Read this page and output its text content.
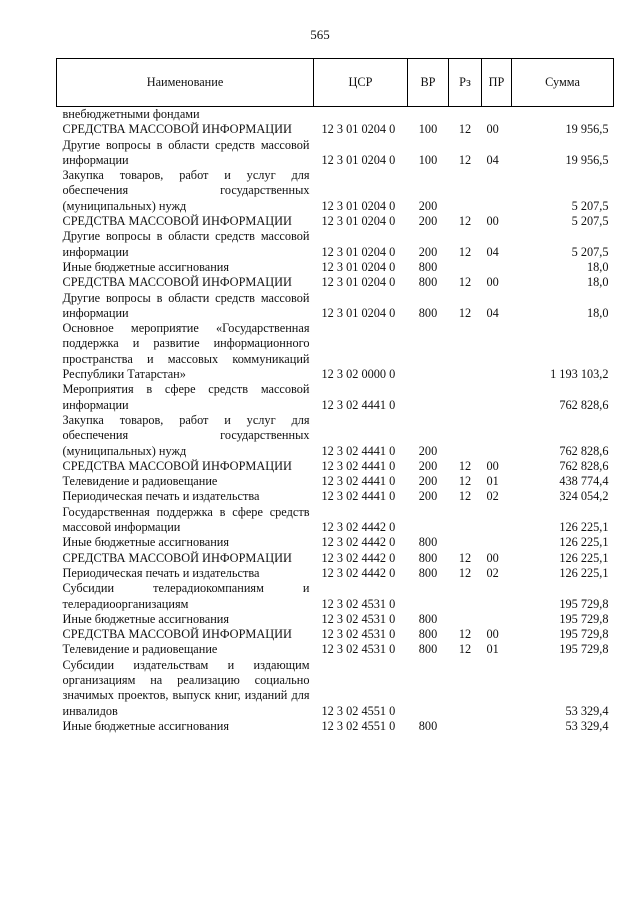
565
Наименование	ЦСР	ВР	Рз	ПР	Сумма
внебюджетными фондами					
СРЕДСТВА МАССОВОЙ ИНФОРМАЦИИ	12 3 01 0204 0	100	12	00	19 956,5
Другие вопросы в области средств массовой информации	12 3 01 0204 0	100	12	04	19 956,5
Закупка товаров, работ и услуг для обеспечения государственных (муниципальных) нужд	12 3 01 0204 0	200			5 207,5
СРЕДСТВА МАССОВОЙ ИНФОРМАЦИИ	12 3 01 0204 0	200	12	00	5 207,5
Другие вопросы в области средств массовой информации	12 3 01 0204 0	200	12	04	5 207,5
Иные бюджетные ассигнования	12 3 01 0204 0	800			18,0
СРЕДСТВА МАССОВОЙ ИНФОРМАЦИИ	12 3 01 0204 0	800	12	00	18,0
Другие вопросы в области средств массовой информации	12 3 01 0204 0	800	12	04	18,0
Основное мероприятие «Государственная поддержка и развитие информационного пространства и массовых коммуникаций Республики Татарстан»	12 3 02 0000 0				1 193 103,2
Мероприятия в сфере средств массовой информации	12 3 02 4441 0				762 828,6
Закупка товаров, работ и услуг для обеспечения государственных (муниципальных) нужд	12 3 02 4441 0	200			762 828,6
СРЕДСТВА МАССОВОЙ ИНФОРМАЦИИ	12 3 02 4441 0	200	12	00	762 828,6
Телевидение и радиовещание	12 3 02 4441 0	200	12	01	438 774,4
Периодическая печать и издательства	12 3 02 4441 0	200	12	02	324 054,2
Государственная поддержка в сфере средств массовой информации	12 3 02 4442 0				126 225,1
Иные бюджетные ассигнования	12 3 02 4442 0	800			126 225,1
СРЕДСТВА МАССОВОЙ ИНФОРМАЦИИ	12 3 02 4442 0	800	12	00	126 225,1
Периодическая печать и издательства	12 3 02 4442 0	800	12	02	126 225,1
Субсидии телерадиокомпаниям и телерадиоорганизациям	12 3 02 4531 0				195 729,8
Иные бюджетные ассигнования	12 3 02 4531 0	800			195 729,8
СРЕДСТВА МАССОВОЙ ИНФОРМАЦИИ	12 3 02 4531 0	800	12	00	195 729,8
Телевидение и радиовещание	12 3 02 4531 0	800	12	01	195 729,8
Субсидии издательствам и издающим организациям на реализацию социально значимых проектов, выпуск книг, изданий для инвалидов	12 3 02 4551 0				53 329,4
Иные бюджетные ассигнования	12 3 02 4551 0	800			53 329,4
